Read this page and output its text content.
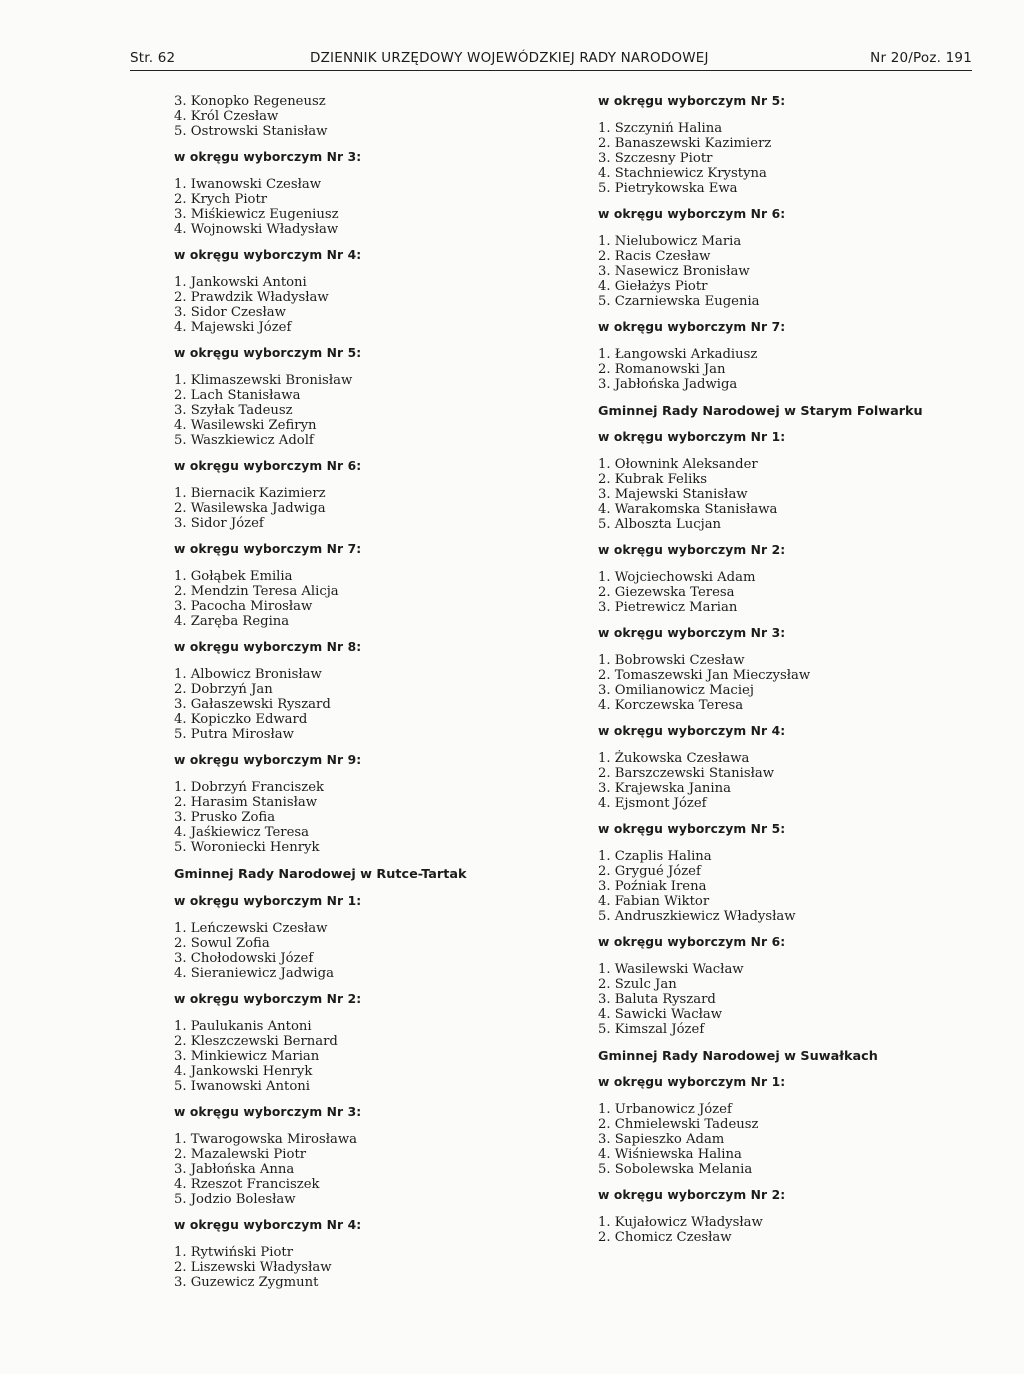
Str. 62	DZIENNIK URZĘDOWY WOJEWÓDZKIEJ RADY NARODOWEJ	Nr 20/Poz. 191
3. Konopko Regeneusz
4. Król Czesław
5. Ostrowski Stanisław
w okręgu wyborczym Nr 3:
1. Iwanowski Czesław
2. Krych Piotr
3. Miśkiewicz Eugeniusz
4. Wojnowski Władysław
w okręgu wyborczym Nr 4:
1. Jankowski Antoni
2. Prawdzik Władysław
3. Sidor Czesław
4. Majewski Józef
w okręgu wyborczym Nr 5:
1. Klimaszewski Bronisław
2. Lach Stanisława
3. Szyłak Tadeusz
4. Wasilewski Zefiryn
5. Waszkiewicz Adolf
w okręgu wyborczym Nr 6:
1. Biernacik Kazimierz
2. Wasilewska Jadwiga
3. Sidor Józef
w okręgu wyborczym Nr 7:
1. Gołąbek Emilia
2. Mendzin Teresa Alicja
3. Pacocha Mirosław
4. Zaręba Regina
w okręgu wyborczym Nr 8:
1. Albowicz Bronisław
2. Dobrzyń Jan
3. Gałaszewski Ryszard
4. Kopiczko Edward
5. Putra Mirosław
w okręgu wyborczym Nr 9:
1. Dobrzyń Franciszek
2. Harasim Stanisław
3. Prusko Zofia
4. Jaśkiewicz Teresa
5. Woroniecki Henryk
Gminnej Rady Narodowej w Rutce-Tartak
w okręgu wyborczym Nr 1:
1. Leńczewski Czesław
2. Sowul Zofia
3. Chołodowski Józef
4. Sieraniewicz Jadwiga
w okręgu wyborczym Nr 2:
1. Paulukanis Antoni
2. Kleszczewski Bernard
3. Minkiewicz Marian
4. Jankowski Henryk
5. Iwanowski Antoni
w okręgu wyborczym Nr 3:
1. Twarogowska Mirosława
2. Mazalewski Piotr
3. Jabłońska Anna
4. Rzeszot Franciszek
5. Jodzio Bolesław
w okręgu wyborczym Nr 4:
1. Rytwiński Piotr
2. Liszewski Władysław
3. Guzewicz Zygmunt
w okręgu wyborczym Nr 5:
1. Szczyniń Halina
2. Banaszewski Kazimierz
3. Szczesny Piotr
4. Stachniewicz Krystyna
5. Pietrykowska Ewa
w okręgu wyborczym Nr 6:
1. Nielubowicz Maria
2. Racis Czesław
3. Nasewicz Bronisław
4. Giełażys Piotr
5. Czarniewska Eugenia
w okręgu wyborczym Nr 7:
1. Łangowski Arkadiusz
2. Romanowski Jan
3. Jabłońska Jadwiga
Gminnej Rady Narodowej w Starym Folwarku
w okręgu wyborczym Nr 1:
1. Ołownink Aleksander
2. Kubrak Feliks
3. Majewski Stanisław
4. Warakomska Stanisława
5. Alboszta Lucjan
w okręgu wyborczym Nr 2:
1. Wojciechowski Adam
2. Giezewska Teresa
3. Pietrewicz Marian
w okręgu wyborczym Nr 3:
1. Bobrowski Czesław
2. Tomaszewski Jan Mieczysław
3. Omilianowicz Maciej
4. Korczewska Teresa
w okręgu wyborczym Nr 4:
1. Żukowska Czesława
2. Barszczewski Stanisław
3. Krajewska Janina
4. Ejsmont Józef
w okręgu wyborczym Nr 5:
1. Czaplis Halina
2. Grygué Józef
3. Poźniak Irena
4. Fabian Wiktor
5. Andruszkiewicz Władysław
w okręgu wyborczym Nr 6:
1. Wasilewski Wacław
2. Szulc Jan
3. Baluta Ryszard
4. Sawicki Wacław
5. Kimszal Józef
Gminnej Rady Narodowej w Suwałkach
w okręgu wyborczym Nr 1:
1. Urbanowicz Józef
2. Chmielewski Tadeusz
3. Sapieszko Adam
4. Wiśniewska Halina
5. Sobolewska Melania
w okręgu wyborczym Nr 2:
1. Kujałowicz Władysław
2. Chomicz Czesław
